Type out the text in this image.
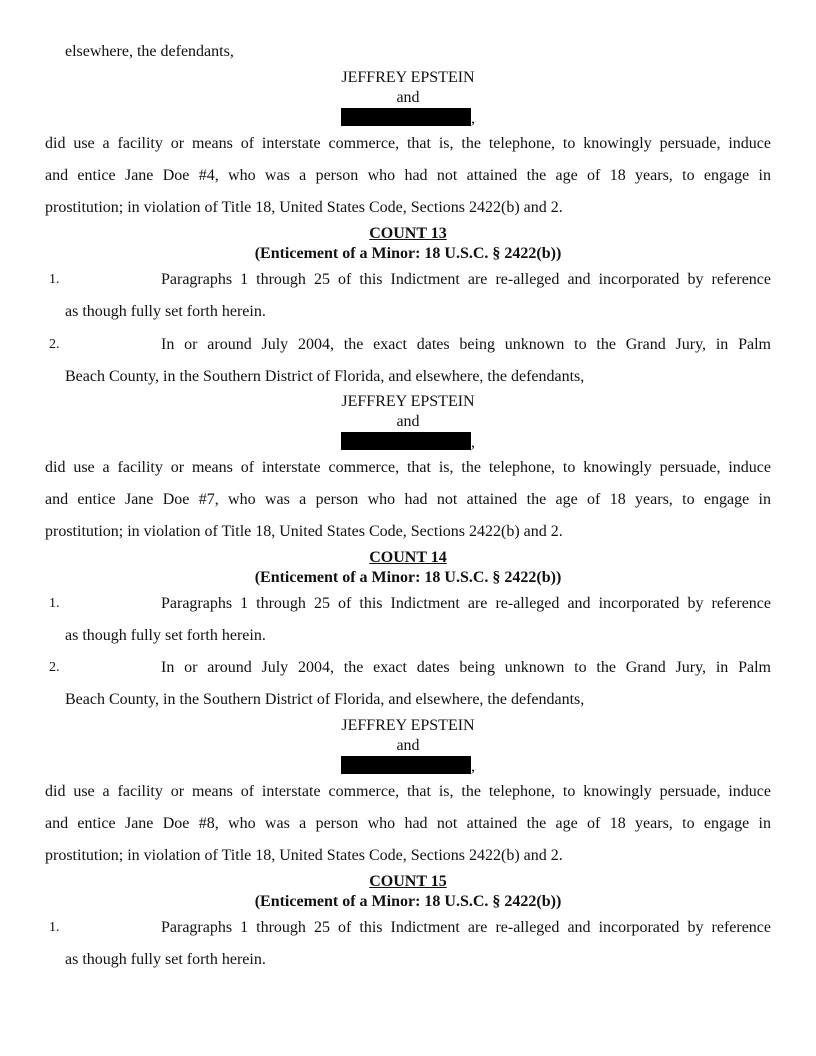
elsewhere, the defendants,
JEFFREY EPSTEIN
and
,
did use a facility or means of interstate commerce, that is, the telephone, to knowingly persuade, induce
and entice Jane Doe #4, who was a person who had not attained the age of 18 years, to engage in
prostitution; in violation of Title 18, United States Code, Sections 2422(b) and 2.
COUNT 13
(Enticement of a Minor: 18 U.S.C. § 2422(b))
1.	Paragraphs 1 through 25 of this Indictment are re-alleged and incorporated by reference
as though fully set forth herein.
2.	In or around July 2004, the exact dates being unknown to the Grand Jury, in Palm
Beach County, in the Southern District of Florida, and elsewhere, the defendants,
JEFFREY EPSTEIN
and
,
did use a facility or means of interstate commerce, that is, the telephone, to knowingly persuade, induce
and entice Jane Doe #7, who was a person who had not attained the age of 18 years, to engage in
prostitution; in violation of Title 18, United States Code, Sections 2422(b) and 2.
COUNT 14
(Enticement of a Minor: 18 U.S.C. § 2422(b))
1.	Paragraphs 1 through 25 of this Indictment are re-alleged and incorporated by reference
as though fully set forth herein.
2.	In or around July 2004, the exact dates being unknown to the Grand Jury, in Palm
Beach County, in the Southern District of Florida, and elsewhere, the defendants,
JEFFREY EPSTEIN
and
,
did use a facility or means of interstate commerce, that is, the telephone, to knowingly persuade, induce
and entice Jane Doe #8, who was a person who had not attained the age of 18 years, to engage in
prostitution; in violation of Title 18, United States Code, Sections 2422(b) and 2.
COUNT 15
(Enticement of a Minor: 18 U.S.C. § 2422(b))
1.	Paragraphs 1 through 25 of this Indictment are re-alleged and incorporated by reference
as though fully set forth herein.
